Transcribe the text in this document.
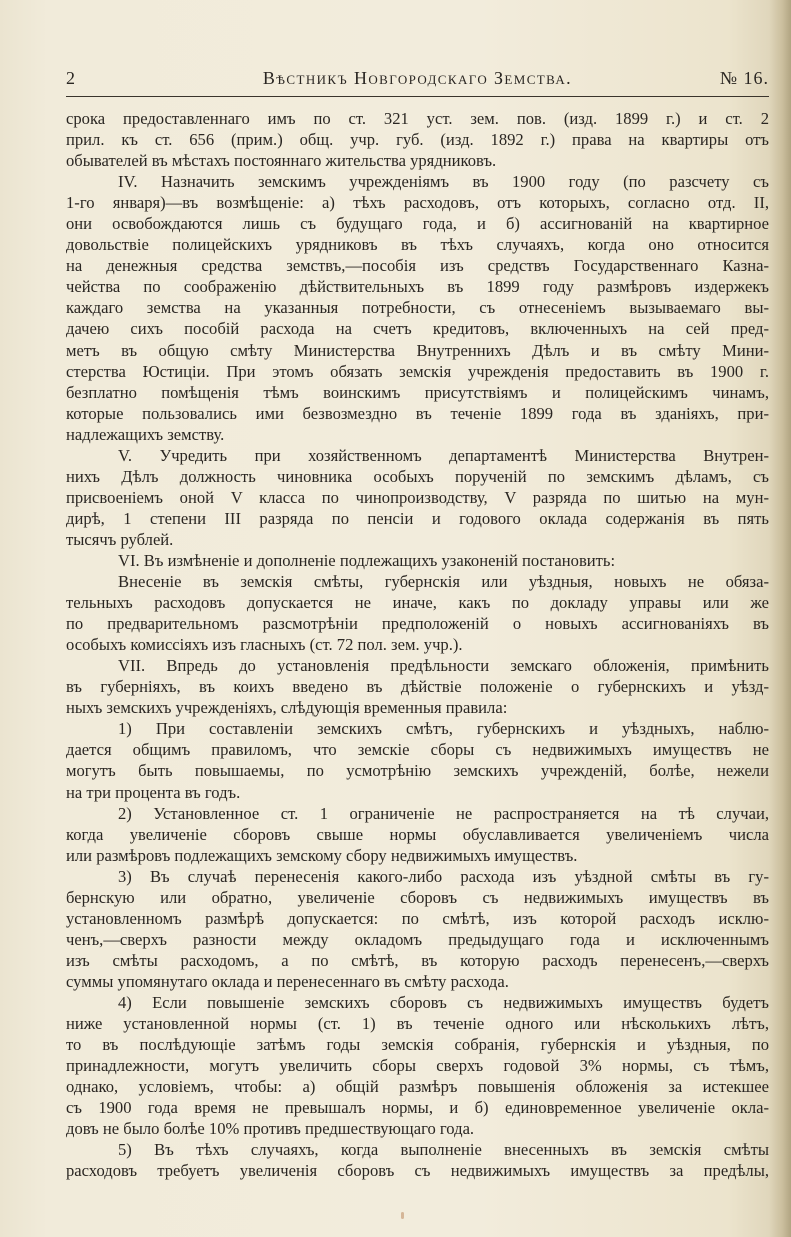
2	Вѣстникъ Новгородскаго Земства.	№ 16.
срока предоставленнаго имъ по ст. 321 уст. зем. пов. (изд. 1899 г.) и ст. 2
прил. къ ст. 656 (прим.) общ. учр. губ. (изд. 1892 г.) права на квартиры отъ
обывателей въ мѣстахъ постояннаго жительства урядниковъ.
IV. Назначить земскимъ учрежденіямъ въ 1900 году (по разсчету съ
1-го января)—въ возмѣщеніе: а) тѣхъ расходовъ, отъ которыхъ, согласно отд. II,
они освобождаются лишь съ будущаго года, и б) ассигнованій на квартирное
довольствіе полицейскихъ урядниковъ въ тѣхъ случаяхъ, когда оно относится
на денежныя средства земствъ,—пособія изъ средствъ Государственнаго Казна-
чейства по соображенію дѣйствительныхъ въ 1899 году размѣровъ издержекъ
каждаго земства на указанныя потребности, съ отнесеніемъ вызываемаго вы-
дачею сихъ пособій расхода на счетъ кредитовъ, включенныхъ на сей пред-
метъ въ общую смѣту Министерства Внутреннихъ Дѣлъ и въ смѣту Мини-
стерства Юстиціи. При этомъ обязать земскія учрежденія предоставить въ 1900 г.
безплатно помѣщенія тѣмъ воинскимъ присутствіямъ и полицейскимъ чинамъ,
которые пользовались ими безвозмездно въ теченіе 1899 года въ зданіяхъ, при-
надлежащихъ земству.
V. Учредить при хозяйственномъ департаментѣ Министерства Внутрен-
нихъ Дѣлъ должность чиновника особыхъ порученій по земскимъ дѣламъ, съ
присвоеніемъ оной V класса по чинопроизводству, V разряда по шитью на мун-
дирѣ, 1 степени III разряда по пенсіи и годового оклада содержанія въ пять
тысячъ рублей.
VI. Въ измѣненіе и дополненіе подлежащихъ узаконеній постановить:
Внесеніе въ земскія смѣты, губернскія или уѣздныя, новыхъ не обяза-
тельныхъ расходовъ допускается не иначе, какъ по докладу управы или же
по предварительномъ разсмотрѣніи предположеній о новыхъ ассигнованіяхъ въ
особыхъ комиссіяхъ изъ гласныхъ (ст. 72 пол. зем. учр.).
VII. Впредь до установленія предѣльности земскаго обложенія, примѣнить
въ губерніяхъ, въ коихъ введено въ дѣйствіе положеніе о губернскихъ и уѣзд-
ныхъ земскихъ учрежденіяхъ, слѣдующія временныя правила:
1) При составленіи земскихъ смѣтъ, губернскихъ и уѣздныхъ, наблю-
дается общимъ правиломъ, что земскіе сборы съ недвижимыхъ имуществъ не
могутъ быть повышаемы, по усмотрѣнію земскихъ учрежденій, болѣе, нежели
на три процента въ годъ.
2) Установленное ст. 1 ограниченіе не распространяется на тѣ случаи,
когда увеличеніе сборовъ свыше нормы обуславливается увеличеніемъ числа
или размѣровъ подлежащихъ земскому сбору недвижимыхъ имуществъ.
3) Въ случаѣ перенесенія какого-либо расхода изъ уѣздной смѣты въ гу-
бернскую или обратно, увеличеніе сборовъ съ недвижимыхъ имуществъ въ
установленномъ размѣрѣ допускается: по смѣтѣ, изъ которой расходъ исклю-
ченъ,—сверхъ разности между окладомъ предыдущаго года и исключеннымъ
изъ смѣты расходомъ, а по смѣтѣ, въ которую расходъ перенесенъ,—сверхъ
суммы упомянутаго оклада и перенесеннаго въ смѣту расхода.
4) Если повышеніе земскихъ сборовъ съ недвижимыхъ имуществъ будетъ
ниже установленной нормы (ст. 1) въ теченіе одного или нѣсколькихъ лѣтъ,
то въ послѣдующіе затѣмъ годы земскія собранія, губернскія и уѣздныя, по
принадлежности, могутъ увеличить сборы сверхъ годовой 3% нормы, съ тѣмъ,
однако, условіемъ, чтобы: а) общій размѣръ повышенія обложенія за истекшее
съ 1900 года время не превышалъ нормы, и б) единовременное увеличеніе окла-
довъ не было болѣе 10% противъ предшествующаго года.
5) Въ тѣхъ случаяхъ, когда выполненіе внесенныхъ въ земскія смѣты
расходовъ требуетъ увеличенія сборовъ съ недвижимыхъ имуществъ за предѣлы,
